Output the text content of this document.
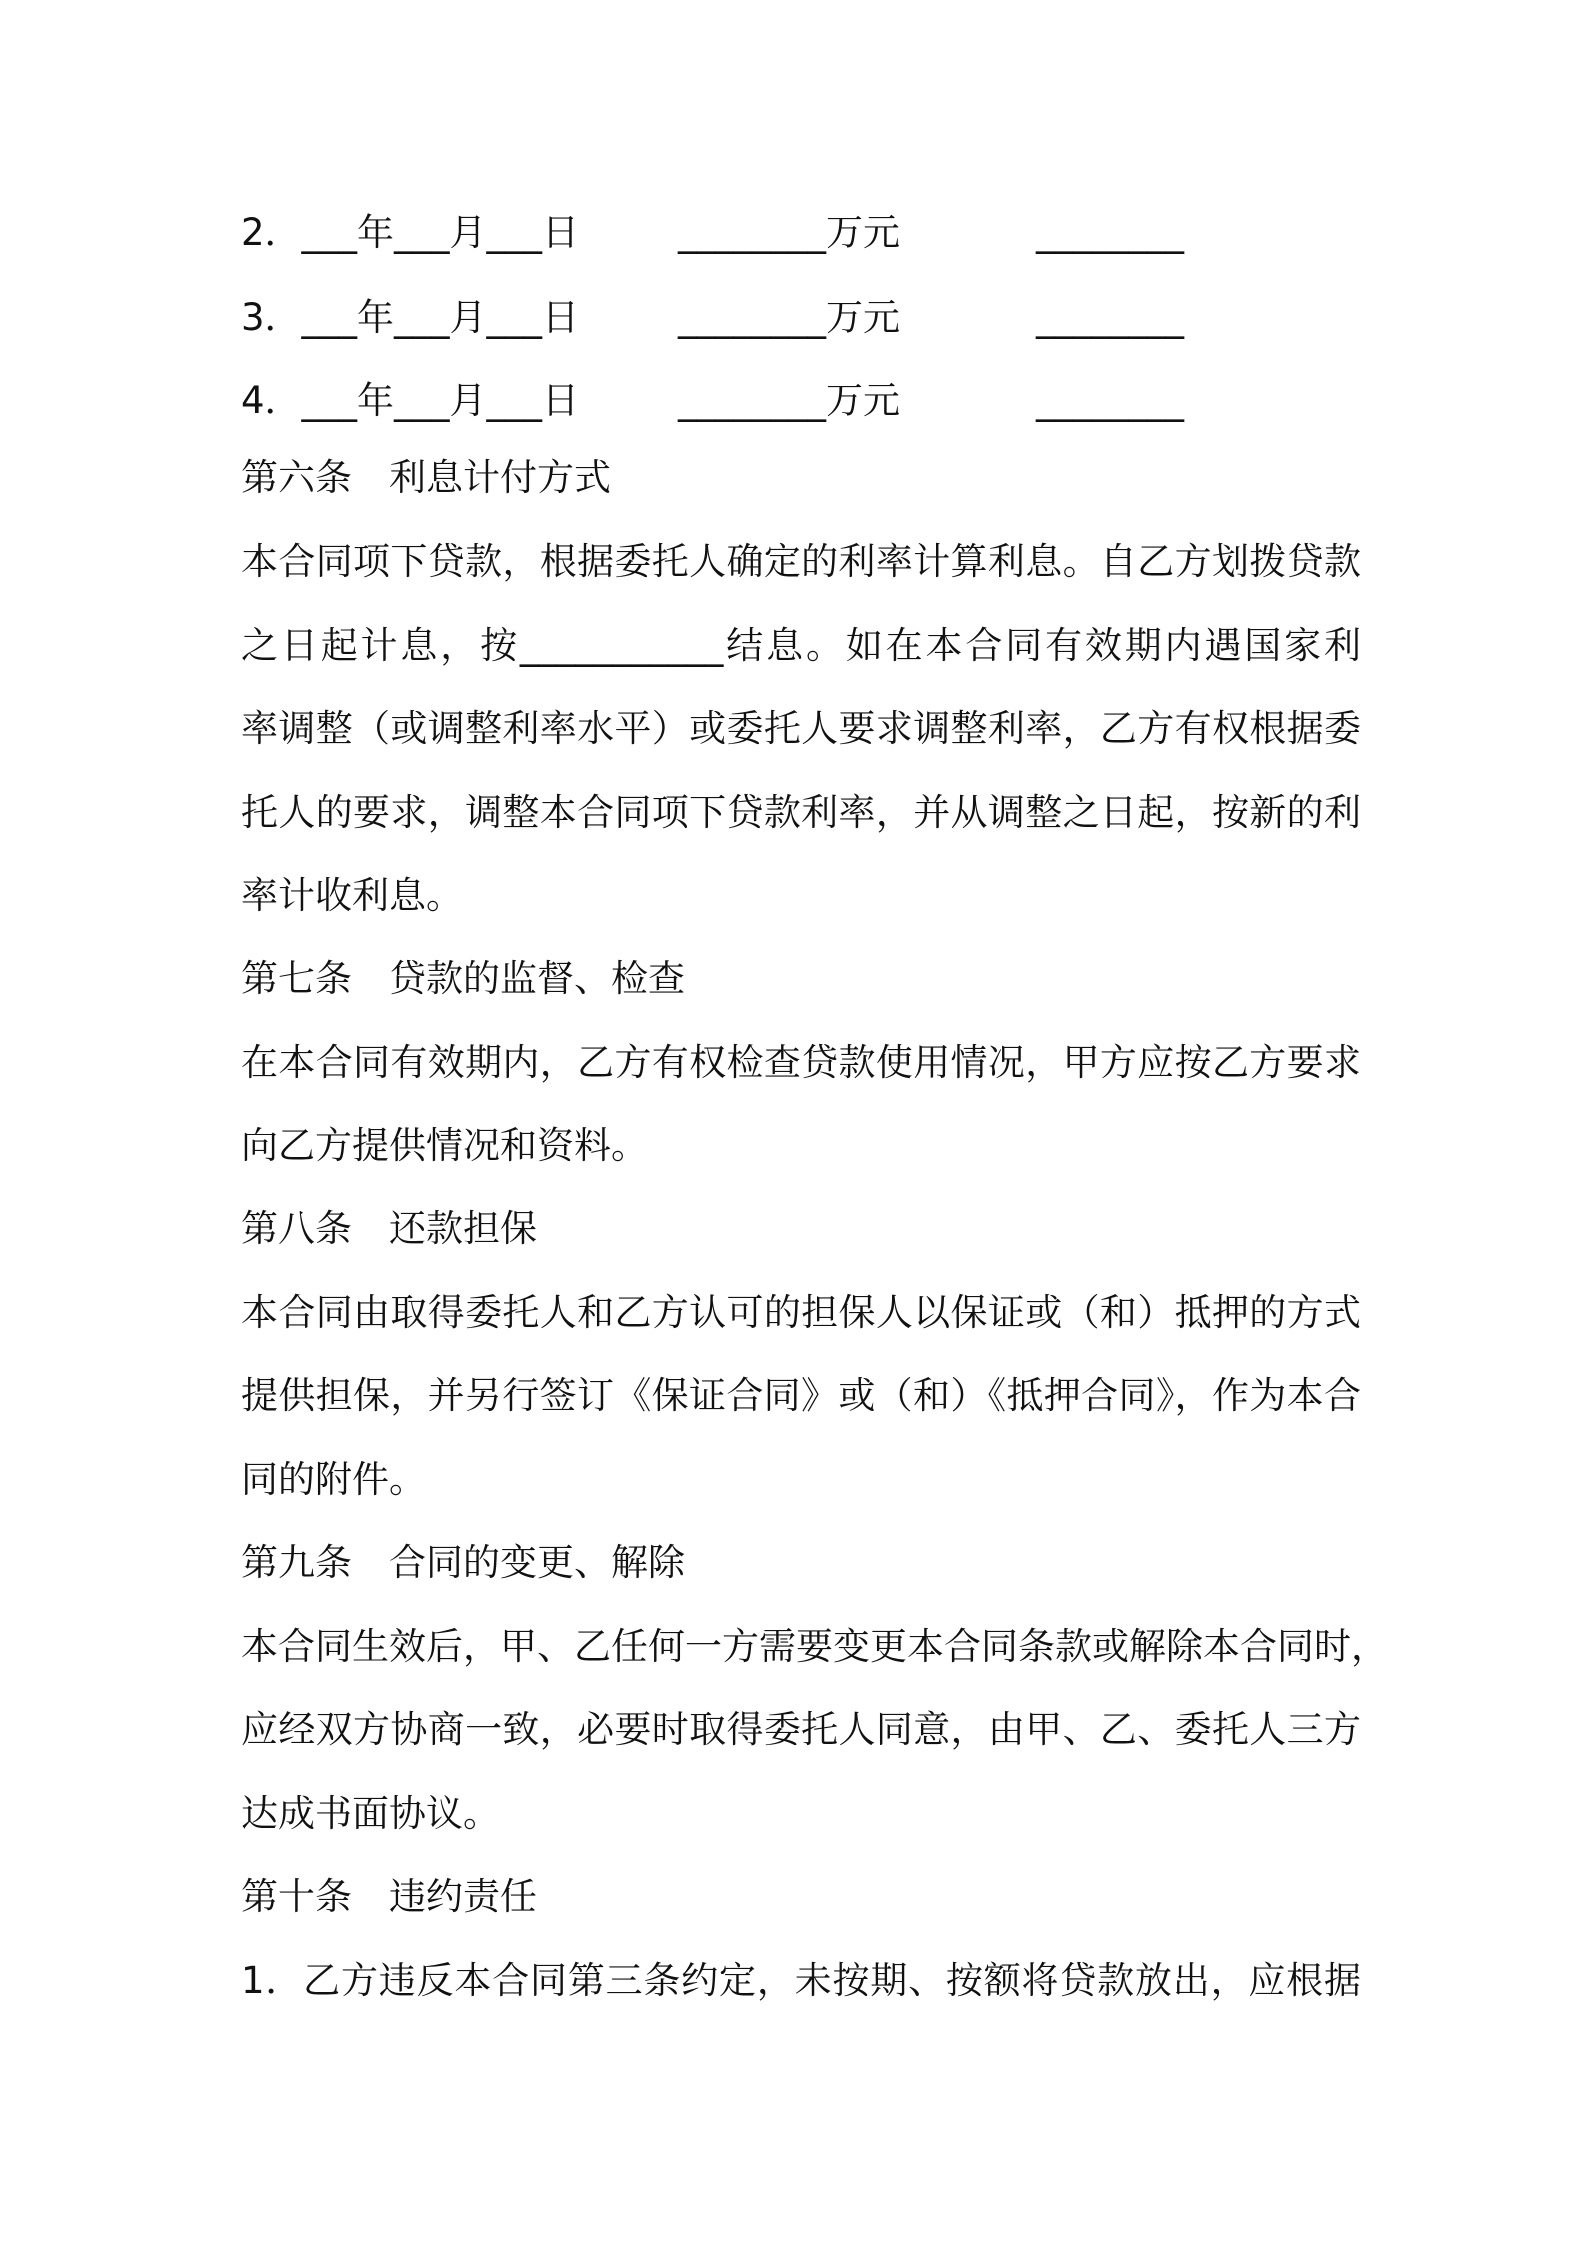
2．___年___月___日	________万元	________
3．___年___月___日	________万元	________
4．___年___月___日	________万元	________

第六条　利息计付方式

本合同项下贷款，根据委托人确定的利率计算利息。自乙方划拨贷款

之日起计息，按___________结息。如在本合同有效期内遇国家利

率调整（或调整利率水平）或委托人要求调整利率，乙方有权根据委

托人的要求，调整本合同项下贷款利率，并从调整之日起，按新的利

率计收利息。

第七条　贷款的监督、检查

在本合同有效期内，乙方有权检查贷款使用情况，甲方应按乙方要求

向乙方提供情况和资料。

第八条　还款担保

本合同由取得委托人和乙方认可的担保人以保证或（和）抵押的方式

提供担保，并另行签订《保证合同》或（和）《抵押合同》，作为本合

同的附件。

第九条　合同的变更、解除

本合同生效后，甲、乙任何一方需要变更本合同条款或解除本合同时，

应经双方协商一致，必要时取得委托人同意，由甲、乙、委托人三方

达成书面协议。

第十条　违约责任

1．乙方违反本合同第三条约定，未按期、按额将贷款放出，应根据
